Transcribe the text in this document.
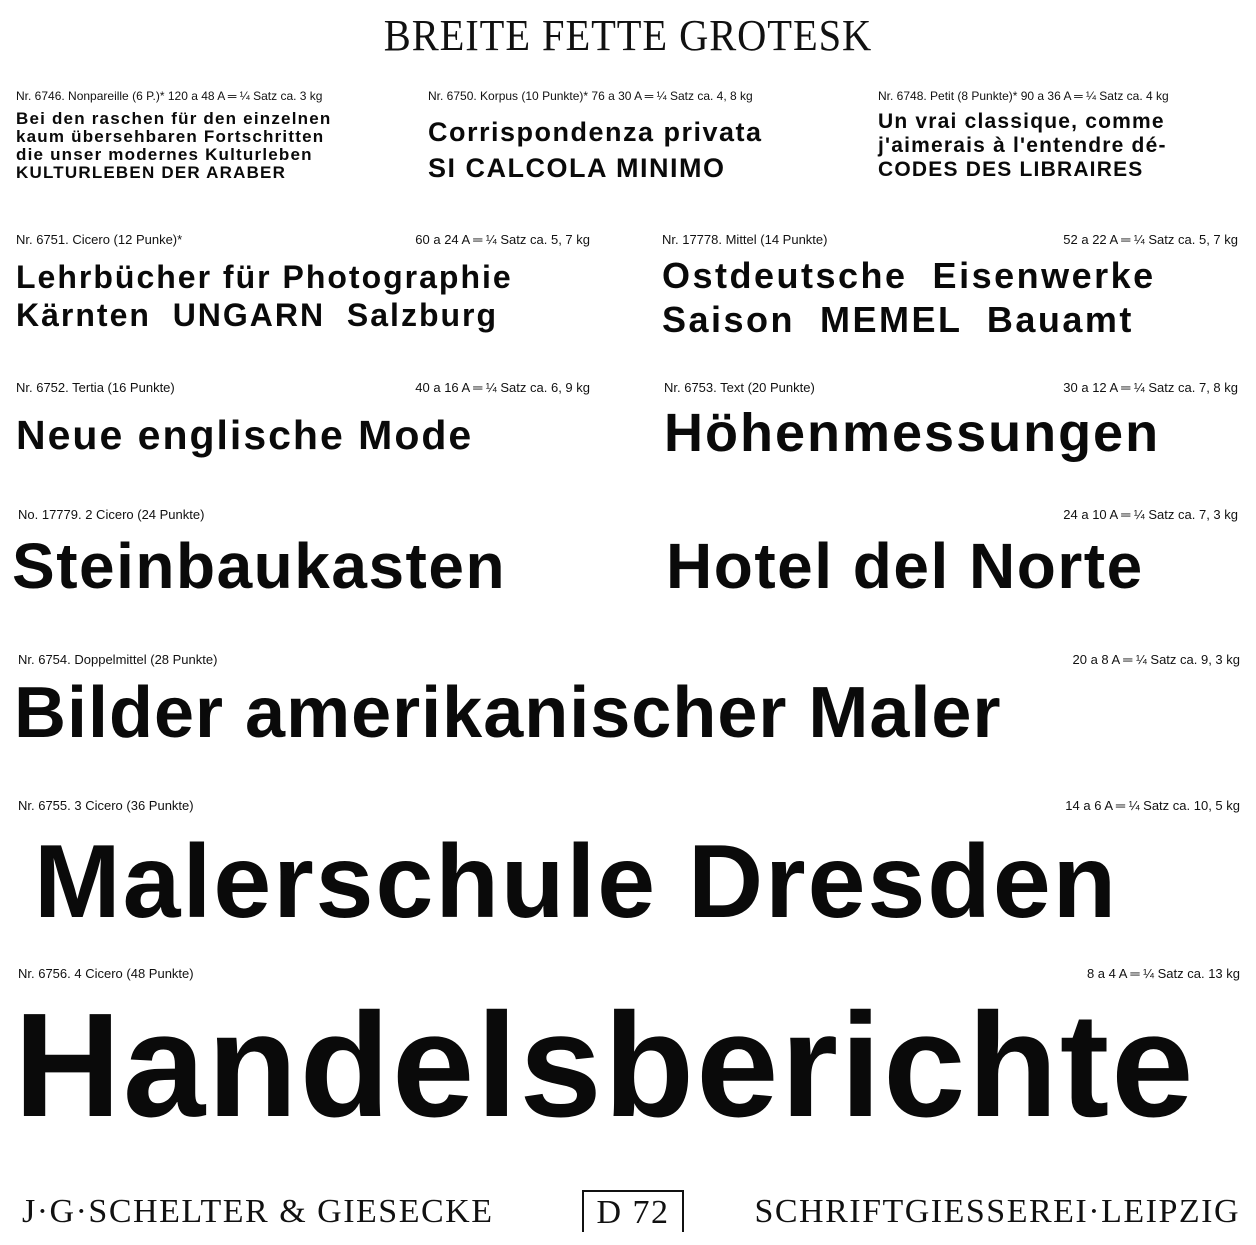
BREITE FETTE GROTESK
Nr. 6746. Nonpareille (6 P.)* 120 a 48 A ═ ¼ Satz ca. 3 kg
Bei den raschen für den einzelnen
kaum übersehbaren Fortschritten
die unser modernes Kulturleben
KULTURLEBEN DER ARABER
Nr. 6750. Korpus (10 Punkte)* 76 a 30 A ═ ¼ Satz ca. 4, 8 kg
Corrispondenza privata
SI CALCOLA MINIMO
Nr. 6748. Petit (8 Punkte)* 90 a 36 A ═ ¼ Satz ca. 4 kg
Un vrai classique, comme
j'aimerais à l'entendre dé-
CODES DES LIBRAIRES
Nr. 6751. Cicero (12 Punke)*	60 a 24 A ═ ¼ Satz ca. 5, 7 kg
Lehrbücher für Photographie
Kärnten  UNGARN  Salzburg
Nr. 17778. Mittel (14 Punkte)	52 a 22 A ═ ¼ Satz ca. 5, 7 kg
Ostdeutsche  Eisenwerke
Saison  MEMEL  Bauamt
Nr. 6752. Tertia (16 Punkte)	40 a 16 A ═ ¼ Satz ca. 6, 9 kg
Neue englische Mode
Nr. 6753. Text (20 Punkte)	30 a 12 A ═ ¼ Satz ca. 7, 8 kg
Höhenmessungen
No. 17779. 2 Cicero (24 Punkte)	24 a 10 A ═ ¼ Satz ca. 7, 3 kg
Steinbaukasten Hotel del Norte
Nr. 6754. Doppelmittel (28 Punkte)	20 a 8 A ═ ¼ Satz ca. 9, 3 kg
Bilder amerikanischer Maler
Nr. 6755. 3 Cicero (36 Punkte)	14 a 6 A ═ ¼ Satz ca. 10, 5 kg
Malerschule Dresden
Nr. 6756. 4 Cicero (48 Punkte)	8 a 4 A ═ ¼ Satz ca. 13 kg
Handelsberichte
J·G·SCHELTER & GIESECKE	D 72	SCHRIFTGIESSEREI·LEIPZIG
